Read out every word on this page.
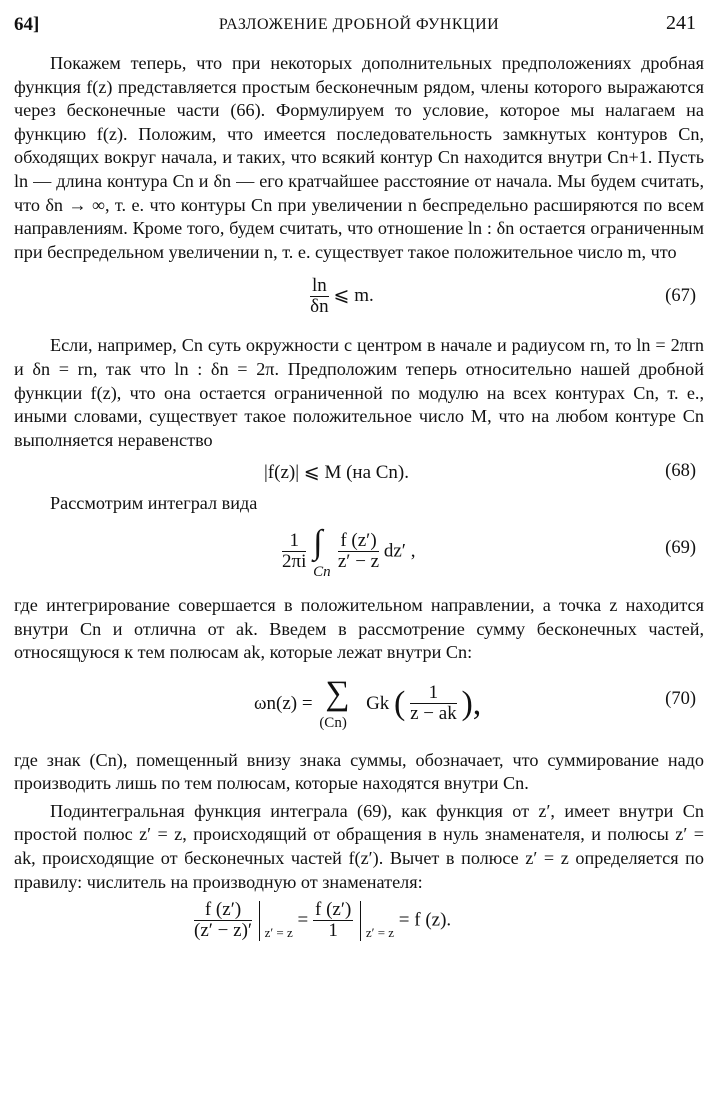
64]	РАЗЛОЖЕНИЕ ДРОБНОЙ ФУНКЦИИ	241

Покажем теперь, что при некоторых дополнительных предположениях дробная функция f(z) представляется простым бесконечным рядом, члены которого выражаются через бесконечные части (66). Формулируем то условие, которое мы налагаем на функцию f(z). Положим, что имеется последовательность замкнутых контуров Cn, обходящих вокруг начала, и таких, что всякий контур Cn находится внутри Cn+1. Пусть ln — длина контура Cn и δn — его кратчайшее расстояние от начала. Мы будем считать, что δn → ∞, т. е. что контуры Cn при увеличении n беспредельно расширяются по всем направлениям. Кроме того, будем считать, что отношение ln : δn остается ограниченным при беспредельном увеличении n, т. е. существует такое положительное число m, что

$\frac{\ln}{\delta n}$ ⩽ m.	(67)

Если, например, Cn суть окружности с центром в начале и радиусом rn, то ln = 2πrn и δn = rn, так что ln : δn = 2π. Предположим теперь относительно нашей дробной функции f(z), что она остается ограниченной по модулю на всех контурах Cn, т. е., иными словами, существует такое положительное число M, что на любом контуре Cn выполняется неравенство

|f(z)| ⩽ M (на Cn).	(68)

Рассмотрим интеграл вида

$\frac{1}{2\pi i}$
∫
Cn
$\frac{f (z')}{z' - z} dz'$ ,	(69)

где интегрирование совершается в положительном направлении, а точка z находится внутри Cn и отлична от ak. Введем в рассмотрение сумму бесконечных частей, относящуюся к тем полюсам ak, которые лежат внутри Cn:

ωn(z) = ∑
(Cn)
Gk ( $\frac{1}{z - ak}$ ),	(70)

где знак (Cn), помещенный внизу знака суммы, обозначает, что суммирование надо производить лишь по тем полюсам, которые находятся внутри Cn.

Подинтегральная функция интеграла (69), как функция от z′, имеет внутри Cn простой полюс z′ = z, происходящий от обращения в нуль знаменателя, и полюсы z′ = ak, происходящие от бесконечных частей f(z′). Вычет в полюсе z′ = z определяется по правилу: числитель на производную от знаменателя:

$\frac{f (z')}{(z' - z)'} z' = z = \frac{f (z')}{1} z' = z = f$ (z).
